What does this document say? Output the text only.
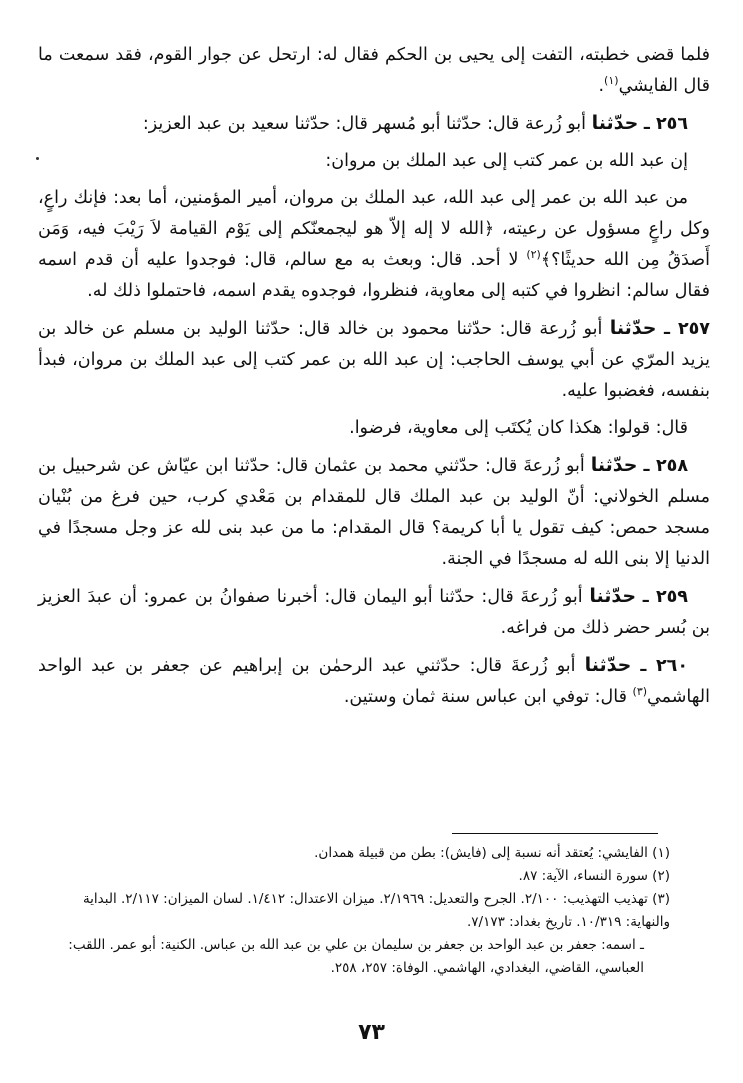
فلما قضى خطبته، التفت إلى يحيى بن الحكم فقال له: ارتحل عن جوار القوم، فقد سمعت ما قال الفايشي$^{(١)}$.

٢٥٦ ـ حدّثنا أبو زُرعة قال: حدّثنا أبو مُسهر قال: حدّثنا سعيد بن عبد العزيز:

إن عبد الله بن عمر كتب إلى عبد الملك بن مروان:

من عبد الله بن عمر إلى عبد الله، عبد الملك بن مروان، أمير المؤمنين، أما بعد: فإنك راعٍ، وكل راعٍ مسؤول عن رعيته، ﴿الله لا إله إلاّ هو ليجمعنّكم إلى يَوْم القيامة لاَ رَيْبَ فيه، وَمَن أَصدَقُ مِن الله حديثًا؟﴾$^{(٢)}$ لا أحد. قال: وبعث به مع سالم، قال: فوجدوا عليه أن قدم اسمه فقال سالم: انظروا في كتبه إلى معاوية، فنظروا، فوجدوه يقدم اسمه، فاحتملوا ذلك له.

٢٥٧ ـ حدّثنا أبو زُرعة قال: حدّثنا محمود بن خالد قال: حدّثنا الوليد بن مسلم عن خالد بن يزيد المرّي عن أبي يوسف الحاجب: إن عبد الله بن عمر كتب إلى عبد الملك بن مروان، فبدأ بنفسه، فغضبوا عليه.

قال: قولوا: هكذا كان يُكتَب إلى معاوية، فرضوا.

٢٥٨ ـ حدّثنا أبو زُرعةَ قال: حدّثني محمد بن عثمان قال: حدّثنا ابن عيّاش عن شرحبيل بن مسلم الخولاني: أنّ الوليد بن عبد الملك قال للمقدام بن مَعْدي كرب، حين فرغ من بُنْيان مسجد حمص: كيف تقول يا أبا كريمة؟ قال المقدام: ما من عبد بنى لله عز وجل مسجدًا في الدنيا إلا بنى الله له مسجدًا في الجنة.

٢٥٩ ـ حدّثنا أبو زُرعةَ قال: حدّثنا أبو اليمان قال: أخبرنا صفوانُ بن عمرو: أن عبدَ العزيز بن بُسر حضر ذلك من فراغه.

٢٦٠ ـ حدّثنا أبو زُرعةَ قال: حدّثني عبد الرحمٰن بن إبراهيم عن جعفر بن عبد الواحد الهاشمي$^{(٣)}$ قال: توفي ابن عباس سنة ثمان وستين.

(١) الفايشي: يُعتقد أنه نسبة إلى (فايش): بطن من قبيلة همدان.

(٢) سورة النساء، الآية: ٨٧.

(٣) تهذيب التهذيب: ٢/١٠٠. الجرح والتعديل: ٢/١٩٦٩. ميزان الاعتدال: ١/٤١٢. لسان الميزان: ٢/١١٧. البداية والنهاية: ١٠/٣١٩. تاريخ بغداد: ٧/١٧٣.

ـ اسمه: جعفر بن عبد الواحد بن جعفر بن سليمان بن علي بن عبد الله بن عباس. الكنية: أبو عمر. اللقب: العباسي، القاضي، البغدادي، الهاشمي. الوفاة: ٢٥٧، ٢٥٨.

٧٣
